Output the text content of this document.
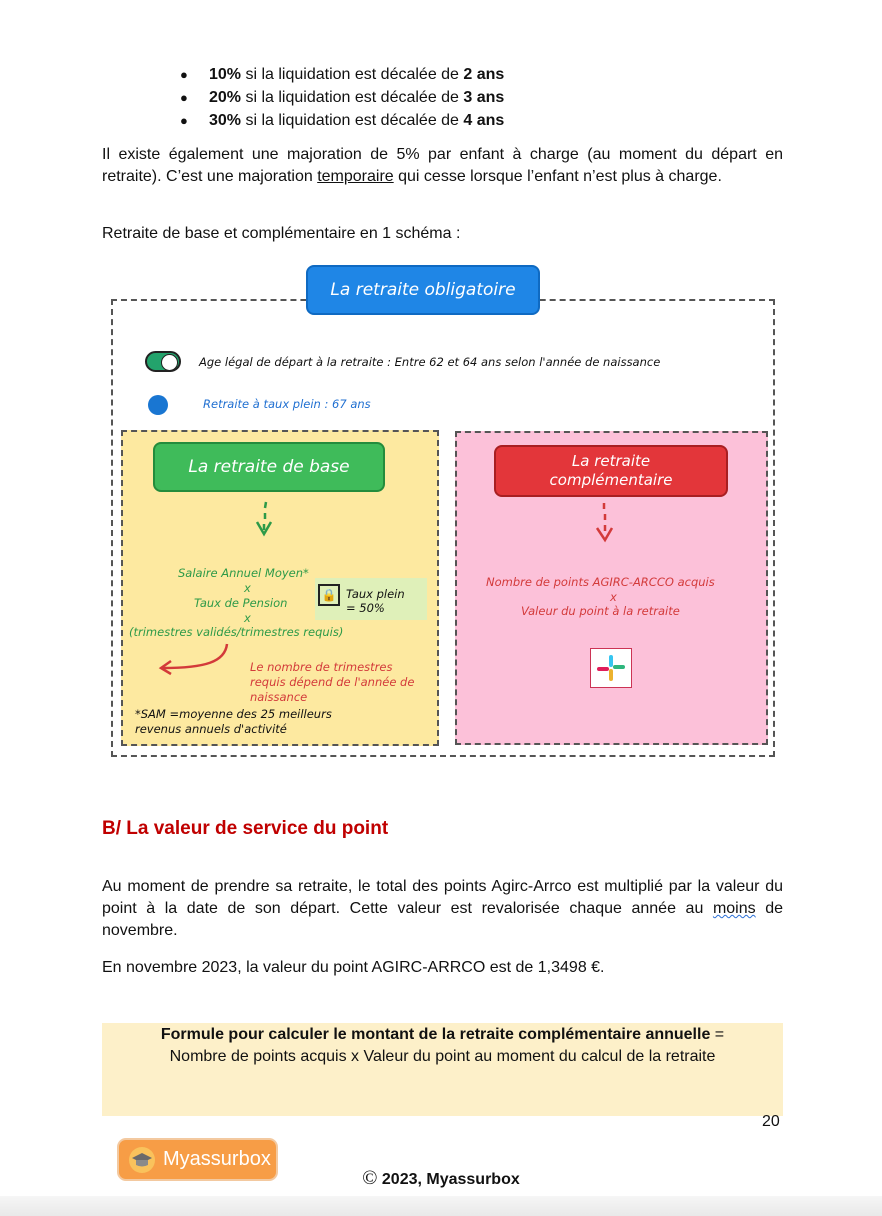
● 10% si la liquidation est décalée de 2 ans
● 20% si la liquidation est décalée de 3 ans
● 30% si la liquidation est décalée de 4 ans

Il existe également une majoration de 5% par enfant à charge (au moment du départ en retraite). C’est une majoration temporaire qui cesse lorsque l’enfant n’est plus à charge.

Retraite de base et complémentaire en 1 schéma :

La retraite obligatoire
Age légal de départ à la retraite : Entre 62 et 64 ans selon l'année de naissance
Retraite à taux plein : 67 ans
La retraite de base	La retraite
complémentaire
Salaire Annuel Moyen*
x
Taux de Pension
x
(trimestres validés/trimestres requis)
🔒 Taux plein
= 50%
Le nombre de trimestres
requis dépend de l'année de
naissance
*SAM =moyenne des 25 meilleurs
revenus annuels d'activité
Nombre de points AGIRC-ARCCO acquis
x
Valeur du point à la retraite
B/ La valeur de service du point

Au moment de prendre sa retraite, le total des points Agirc-Arrco est multiplié par la valeur du point à la date de son départ. Cette valeur est revalorisée chaque année au moins de novembre.

En novembre 2023, la valeur du point AGIRC-ARRCO est de 1,3498 €.

Formule pour calculer le montant de la retraite complémentaire annuelle =
Nombre de points acquis x Valeur du point au moment du calcul de la retraite
20
Myassurbox
© 2023, Myassurbox
